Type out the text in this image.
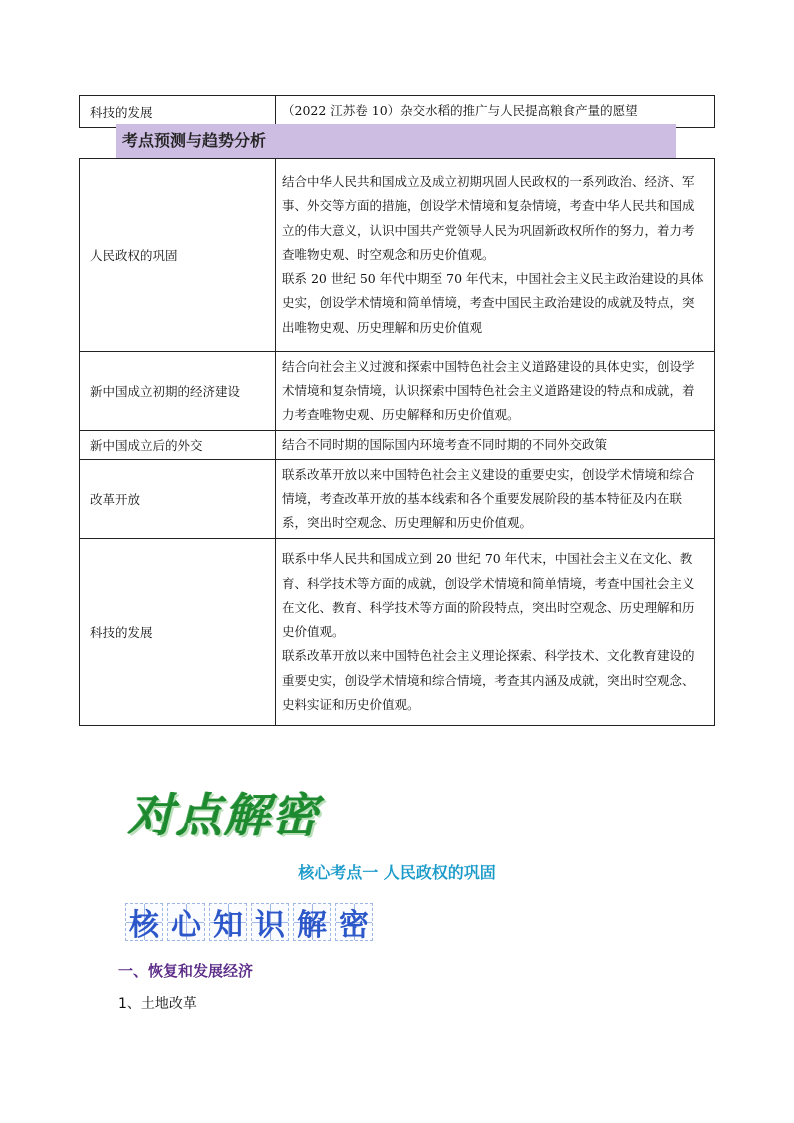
科技的发展	（2022 江苏卷 10）杂交水稻的推广与人民提高粮食产量的愿望
考点预测与趋势分析
人民政权的巩固	结合中华人民共和国成立及成立初期巩固人民政权的一系列政治、经济、军事、外交等方面的措施，创设学术情境和复杂情境，考查中华人民共和国成立的伟大意义，认识中国共产党领导人民为巩固新政权所作的努力，着力考查唯物史观、时空观念和历史价值观。
联系 20 世纪 50 年代中期至 70 年代末，中国社会主义民主政治建设的具体史实，创设学术情境和简单情境，考查中国民主政治建设的成就及特点，突出唯物史观、历史理解和历史价值观

新中国成立初期的经济建设	结合向社会主义过渡和探索中国特色社会主义道路建设的具体史实，创设学术情境和复杂情境，认识探索中国特色社会主义道路建设的特点和成就，着力考查唯物史观、历史解释和历史价值观。

新中国成立后的外交	结合不同时期的国际国内环境考查不同时期的不同外交政策

改革开放	联系改革开放以来中国特色社会主义建设的重要史实，创设学术情境和综合情境，考查改革开放的基本线索和各个重要发展阶段的基本特征及内在联系，突出时空观念、历史理解和历史价值观。

科技的发展	联系中华人民共和国成立到 20 世纪 70 年代末，中国社会主义在文化、教育、科学技术等方面的成就，创设学术情境和简单情境，考查中国社会主义在文化、教育、科学技术等方面的阶段特点，突出时空观念、历史理解和历史价值观。
联系改革开放以来中国特色社会主义理论探索、科学技术、文化教育建设的重要史实，创设学术情境和综合情境，考查其内涵及成就，突出时空观念、史料实证和历史价值观。
对点解密
核心考点一 人民政权的巩固
核 心 知 识 解 密
一、恢复和发展经济
1、土地改革
